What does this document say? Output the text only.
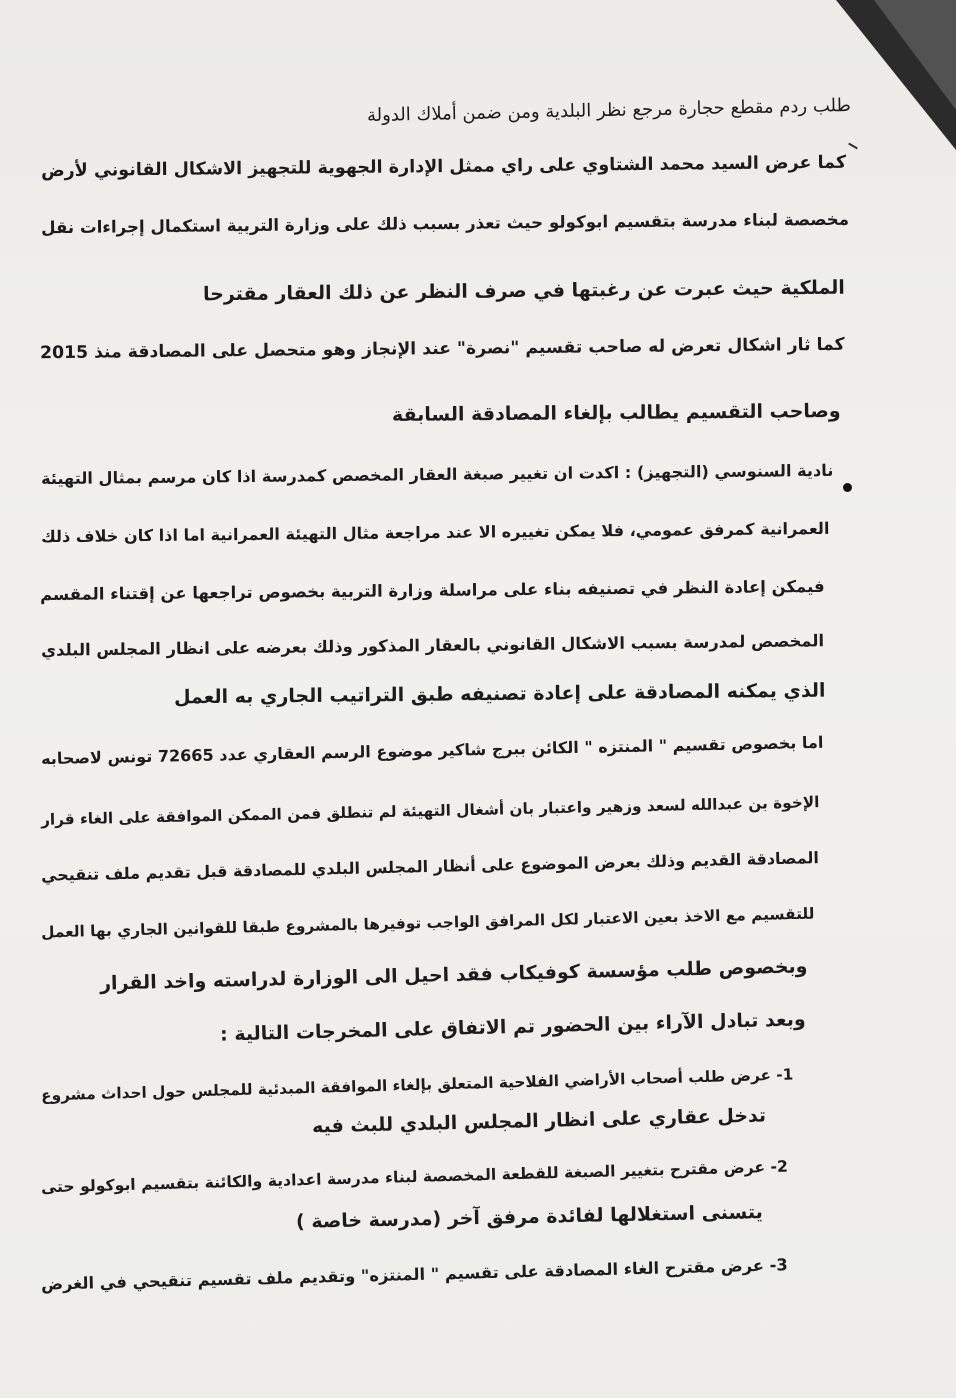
طلب ردم مقطع حجارة مرجع نظر البلدية ومن ضمن أملاك الدولة
كما عرض السيد محمد الشتاوي على راي ممثل الإدارة الجهوية للتجهيز الاشكال القانوني لأرض
مخصصة لبناء مدرسة بتقسيم ابوكولو حيث تعذر بسبب ذلك على وزارة التربية استكمال إجراءات نقل
الملكية حيث عبرت عن رغبتها في صرف النظر عن ذلك العقار مقترحا
كما ثار اشكال تعرض له صاحب تقسيم "نصرة" عند الإنجاز وهو متحصل على المصادقة منذ 2015
وصاحب التقسيم يطالب بإلغاء المصادقة السابقة
نادية السنوسي (التجهيز) : اكدت ان تغيير صبغة العقار المخصص كمدرسة اذا كان مرسم بمثال التهيئة
العمرانية كمرفق عمومي، فلا يمكن تغييره الا عند مراجعة مثال التهيئة العمرانية اما اذا كان خلاف ذلك
فيمكن إعادة النظر في تصنيفه بناء على مراسلة وزارة التربية بخصوص تراجعها عن إقتناء المقسم
المخصص لمدرسة بسبب الاشكال القانوني بالعقار المذكور وذلك بعرضه على انظار المجلس البلدي
الذي يمكنه المصادقة على إعادة تصنيفه طبق التراتيب الجاري به العمل
اما بخصوص تقسيم " المنتزه " الكائن ببرج شاكير موضوع الرسم العقاري عدد 72665 تونس لاصحابه
الإخوة بن عبدالله لسعد وزهير واعتبار بان أشغال التهيئة لم تنطلق فمن الممكن الموافقة على الغاء قرار
المصادقة القديم وذلك بعرض الموضوع على أنظار المجلس البلدي للمصادقة قبل تقديم ملف تنقيحي
للتقسيم مع الاخذ بعين الاعتبار لكل المرافق الواجب توفيرها بالمشروع طبقا للقوانين الجاري بها العمل
وبخصوص طلب مؤسسة كوفيكاب فقد احيل الى الوزارة لدراسته واخد القرار
وبعد تبادل الآراء بين الحضور تم الاتفاق على المخرجات التالية :
1- عرض طلب أصحاب الأراضي الفلاحية المتعلق بإلغاء الموافقة المبدئية للمجلس حول احداث مشروع
تدخل عقاري على انظار المجلس البلدي للبث فيه
2- عرض مقترح بتغيير الصبغة للقطعة المخصصة لبناء مدرسة اعدادية والكائنة بتقسيم ابوكولو حتى
يتسنى استغلالها لفائدة مرفق آخر (مدرسة خاصة )
3- عرض مقترح الغاء المصادقة على تقسيم " المنتزه" وتقديم ملف تقسيم تنقيحي في الغرض
